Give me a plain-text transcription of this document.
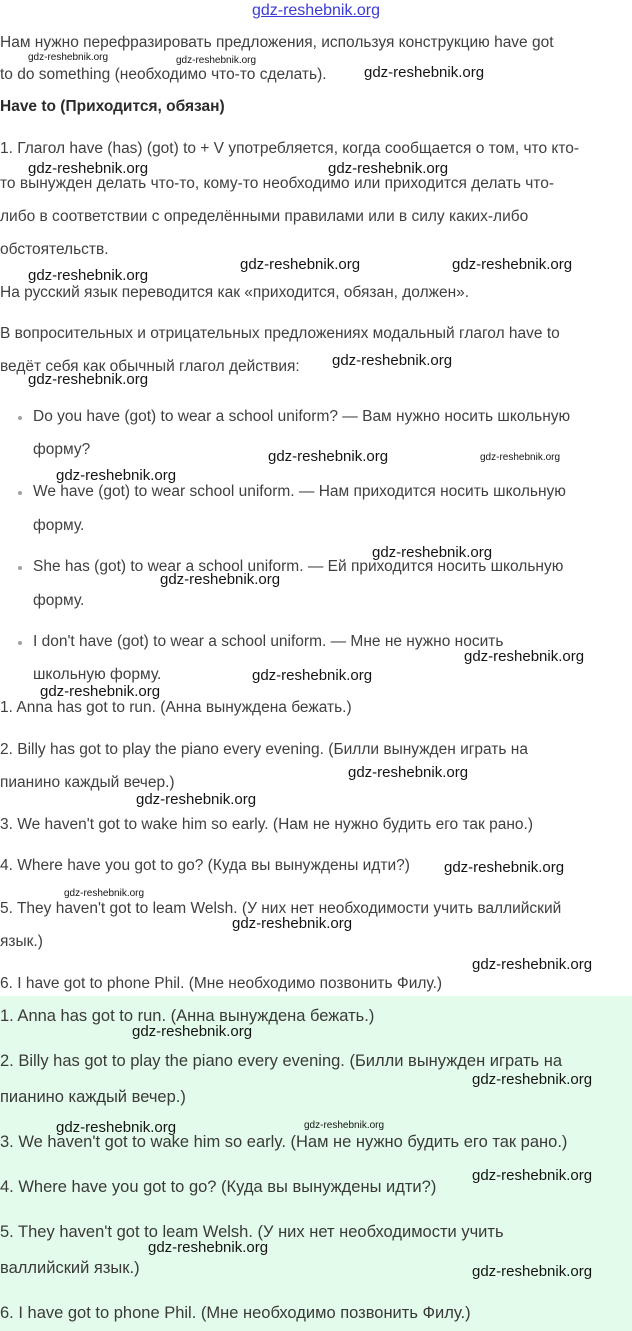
gdz-reshebnik.org
Нам нужно перефразировать предложения, используя конструкцию have got
to do something (необходимо что-то сделать).
Have to (Приходится, обязан)
1. Глагол have (has) (got) to + V употребляется, когда сообщается о том, что кто-
то вынужден делать что-то, кому-то необходимо или приходится делать что-
либо в соответствии с определёнными правилами или в силу каких-либо
обстоятельств.
На русский язык переводится как «приходится, обязан, должен».
В вопросительных и отрицательных предложениях модальный глагол have to
ведёт себя как обычный глагол действия:
Do you have (got) to wear a school uniform? — Вам нужно носить школьную
форму?
We have (got) to wear school uniform. — Нам приходится носить школьную
форму.
She has (got) to wear a school uniform. — Ей приходится носить школьную
форму.
I don't have (got) to wear a school uniform. — Мне не нужно носить
школьную форму.
1. Anna has got to run. (Анна вынуждена бежать.)
2. Billy has got to play the piano every evening. (Билли вынужден играть на
пианино каждый вечер.)
3. We haven't got to wake him so early. (Нам не нужно будить его так рано.)
4. Where have you got to go? (Куда вы вынуждены идти?)
5. They haven't got to leam Welsh. (У них нет необходимости учить валлийский
язык.)
6. I have got to phone Phil. (Мне необходимо позвонить Филу.)
1. Anna has got to run. (Анна вынуждена бежать.)
2. Billy has got to play the piano every evening. (Билли вынужден играть на
пианино каждый вечер.)
3. We haven't got to wake him so early. (Нам не нужно будить его так рано.)
4. Where have you got to go? (Куда вы вынуждены идти?)
5. They haven't got to leam Welsh. (У них нет необходимости учить
валлийский язык.)
6. I have got to phone Phil. (Мне необходимо позвонить Филу.)
gdz-reshebnik.org	gdz-reshebnik.org
gdz-reshebnik.org
gdz-reshebnik.org	gdz-reshebnik.org
gdz-reshebnik.org	gdz-reshebnik.org
gdz-reshebnik.org
gdz-reshebnik.org
gdz-reshebnik.org
gdz-reshebnik.org	gdz-reshebnik.org
gdz-reshebnik.org
gdz-reshebnik.org
gdz-reshebnik.org
gdz-reshebnik.org
gdz-reshebnik.org
gdz-reshebnik.org
gdz-reshebnik.org
gdz-reshebnik.org
gdz-reshebnik.org
gdz-reshebnik.org
gdz-reshebnik.org
gdz-reshebnik.org
gdz-reshebnik.org
gdz-reshebnik.org
gdz-reshebnik.org	gdz-reshebnik.org
gdz-reshebnik.org
gdz-reshebnik.org
gdz-reshebnik.org
